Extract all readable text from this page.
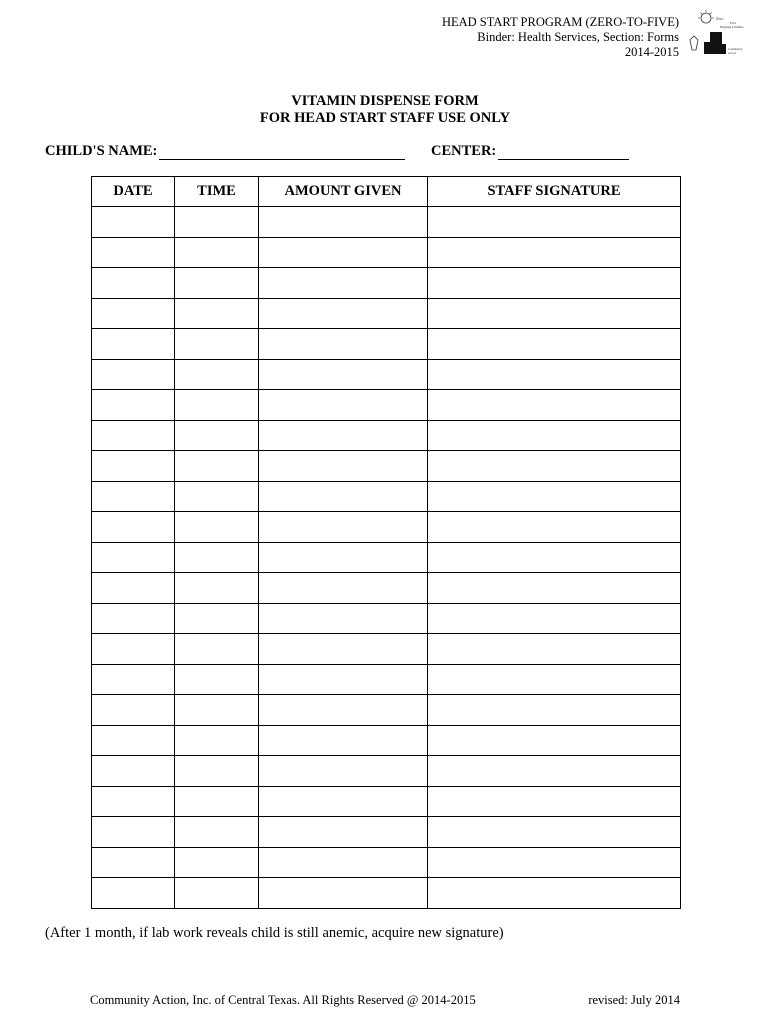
HEAD START PROGRAM (ZERO-TO-FIVE)
Binder: Health Services, Section: Forms
2014-2015
Zero
Five
Helping families
Community
Action
VITAMIN DISPENSE FORM
FOR HEAD START STAFF USE ONLY
CHILD'S NAME:	CENTER:
DATE	TIME	AMOUNT GIVEN	STAFF SIGNATURE

(After 1 month, if lab work reveals child is still anemic, acquire new signature)
Community Action, Inc. of Central Texas. All Rights Reserved @ 2014-2015	revised: July 2014
